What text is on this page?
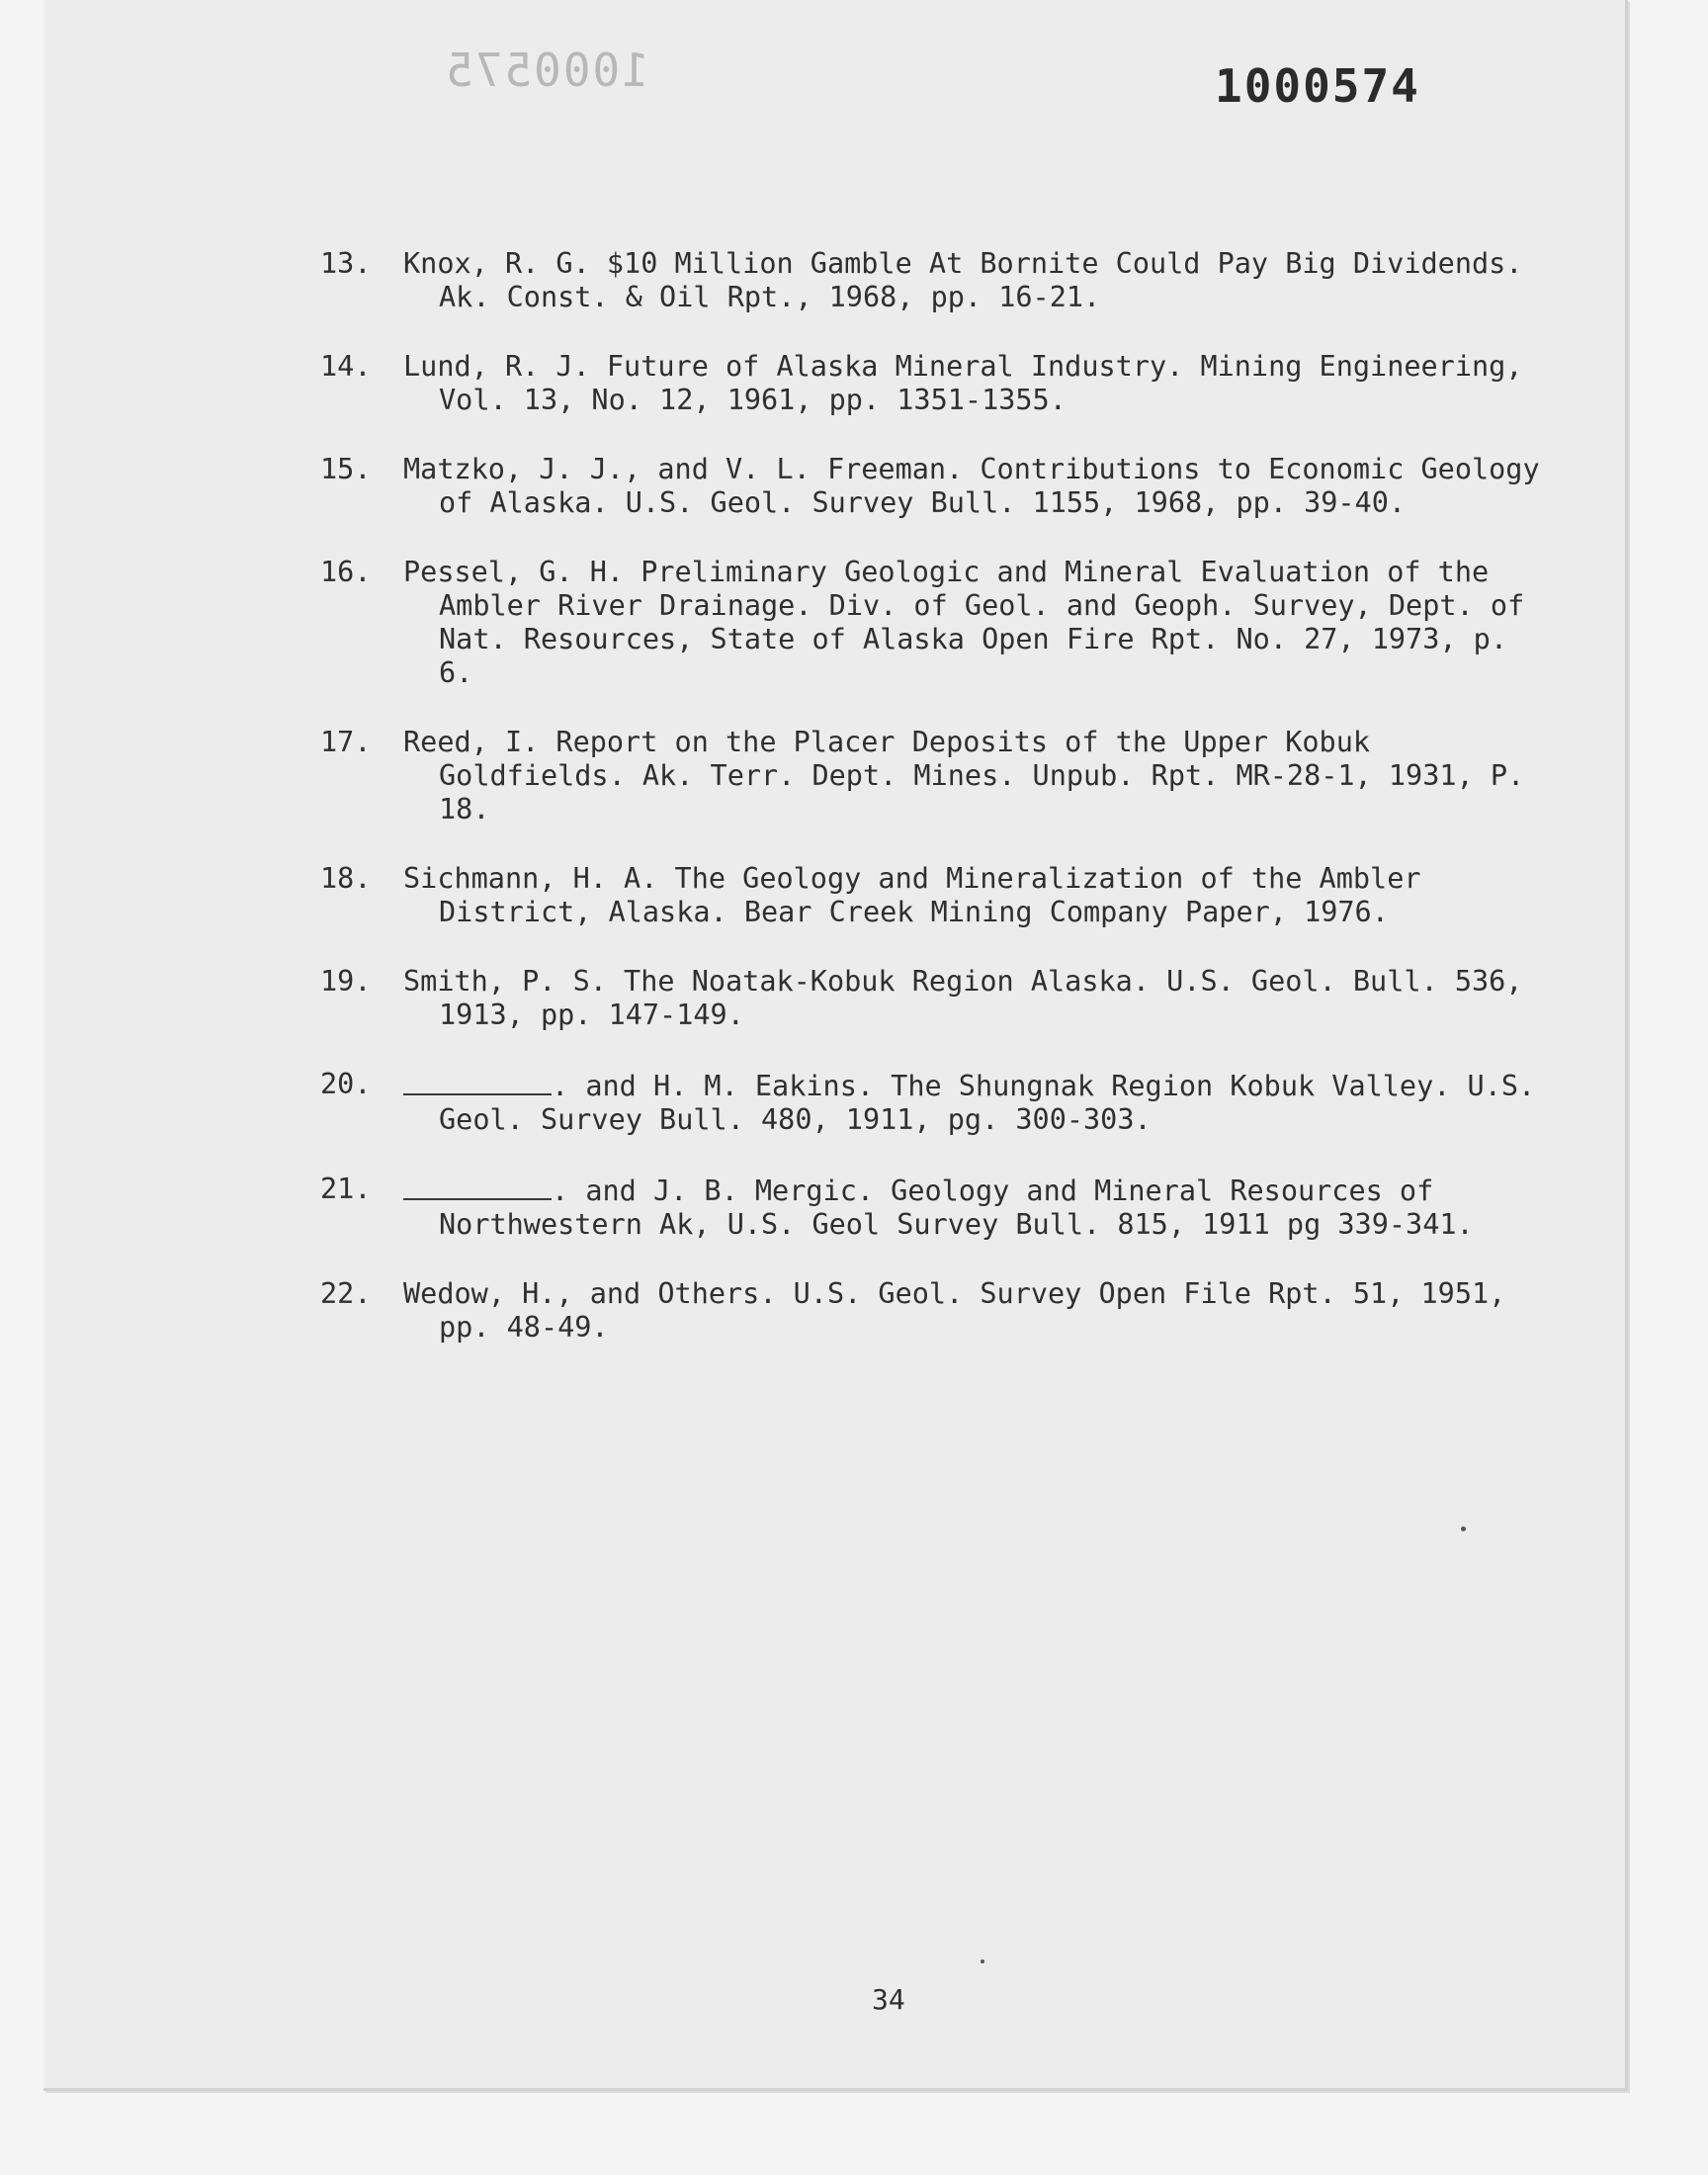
1000575	1000574
13. Knox, R. G. $10 Million Gamble At Bornite Could Pay Big Dividends. Ak. Const. & Oil Rpt., 1968, pp. 16-21.
14. Lund, R. J. Future of Alaska Mineral Industry. Mining Engineering, Vol. 13, No. 12, 1961, pp. 1351-1355.
15. Matzko, J. J., and V. L. Freeman. Contributions to Economic Geology of Alaska. U.S. Geol. Survey Bull. 1155, 1968, pp. 39-40.
16. Pessel, G. H. Preliminary Geologic and Mineral Evaluation of the Ambler River Drainage. Div. of Geol. and Geoph. Survey, Dept. of Nat. Resources, State of Alaska Open Fire Rpt. No. 27, 1973, p. 6.
17. Reed, I. Report on the Placer Deposits of the Upper Kobuk Goldfields. Ak. Terr. Dept. Mines. Unpub. Rpt. MR-28-1, 1931, P. 18.
18. Sichmann, H. A. The Geology and Mineralization of the Ambler District, Alaska. Bear Creek Mining Company Paper, 1976.
19. Smith, P. S. The Noatak-Kobuk Region Alaska. U.S. Geol. Bull. 536, 1913, pp. 147-149.
20.	. and H. M. Eakins. The Shungnak Region Kobuk Valley. U.S. Geol. Survey Bull. 480, 1911, pg. 300-303.
21.	. and J. B. Mergic. Geology and Mineral Resources of Northwestern Ak, U.S. Geol Survey Bull. 815, 1911 pg 339-341.
22. Wedow, H., and Others. U.S. Geol. Survey Open File Rpt. 51, 1951, pp. 48-49.
34
